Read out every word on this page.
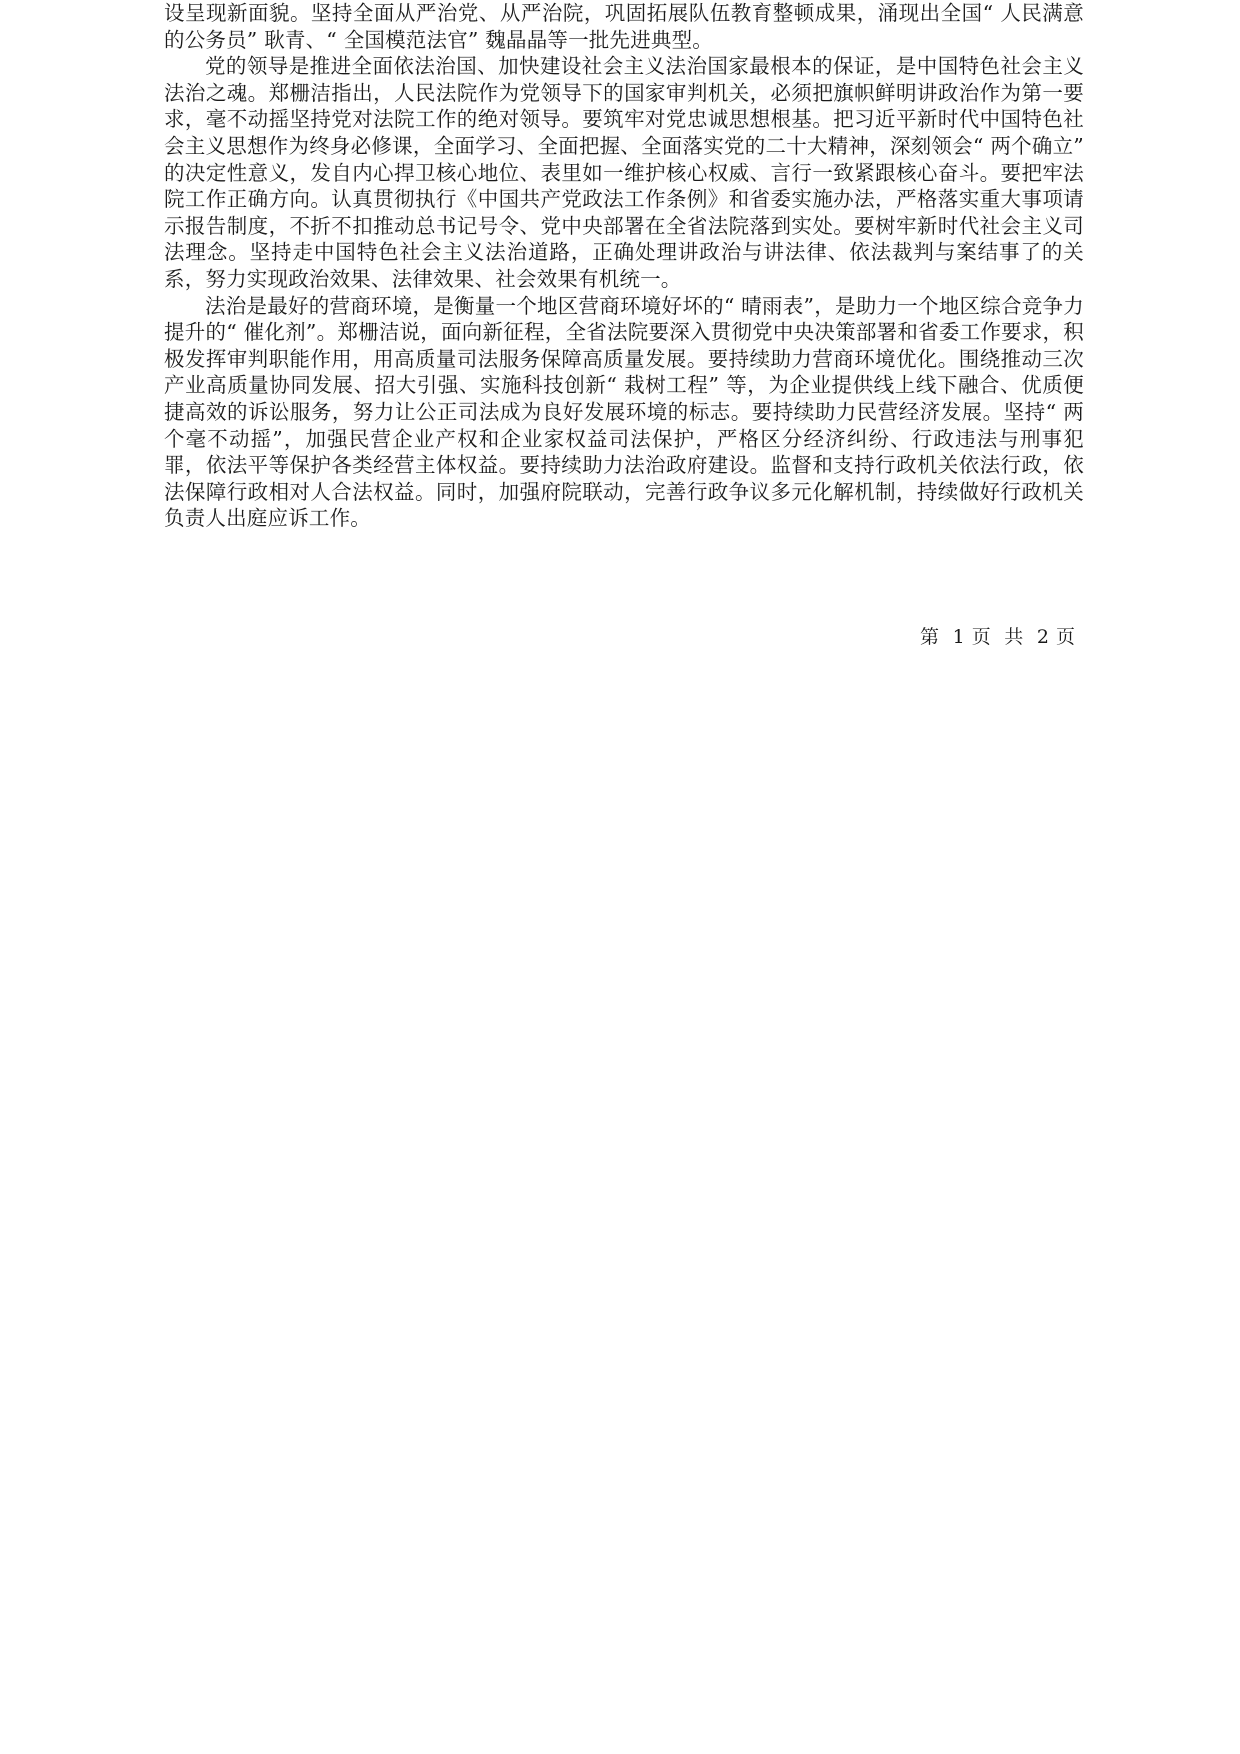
设呈现新面貌。坚持全面从严治党、从严治院，巩固拓展队伍教育整顿成果，涌现出全国“ 人民满意的公务员” 耿青、“ 全国模范法官” 魏晶晶等一批先进典型。

党的领导是推进全面依法治国、加快建设社会主义法治国家最根本的保证，是中国特色社会主义法治之魂。郑栅洁指出，人民法院作为党领导下的国家审判机关，必须把旗帜鲜明讲政治作为第一要求，毫不动摇坚持党对法院工作的绝对领导。要筑牢对党忠诚思想根基。把习近平新时代中国特色社会主义思想作为终身必修课，全面学习、全面把握、全面落实党的二十大精神，深刻领会“ 两个确立” 的决定性意义，发自内心捍卫核心地位、表里如一维护核心权威、言行一致紧跟核心奋斗。要把牢法院工作正确方向。认真贯彻执行《中国共产党政法工作条例》和省委实施办法，严格落实重大事项请示报告制度，不折不扣推动总书记号令、党中央部署在全省法院落到实处。要树牢新时代社会主义司法理念。坚持走中国特色社会主义法治道路，正确处理讲政治与讲法律、依法裁判与案结事了的关系，努力实现政治效果、法律效果、社会效果有机统一。

法治是最好的营商环境，是衡量一个地区营商环境好坏的“ 晴雨表”，是助力一个地区综合竞争力提升的“ 催化剂”。郑栅洁说，面向新征程，全省法院要深入贯彻党中央决策部署和省委工作要求，积极发挥审判职能作用，用高质量司法服务保障高质量发展。要持续助力营商环境优化。围绕推动三次产业高质量协同发展、招大引强、实施科技创新“ 栽树工程” 等，为企业提供线上线下融合、优质便捷高效的诉讼服务，努力让公正司法成为良好发展环境的标志。要持续助力民营经济发展。坚持“ 两个毫不动摇”，加强民营企业产权和企业家权益司法保护，严格区分经济纠纷、行政违法与刑事犯罪，依法平等保护各类经营主体权益。要持续助力法治政府建设。监督和支持行政机关依法行政，依法保障行政相对人合法权益。同时，加强府院联动，完善行政争议多元化解机制，持续做好行政机关负责人出庭应诉工作。

第  1 页  共  2 页
